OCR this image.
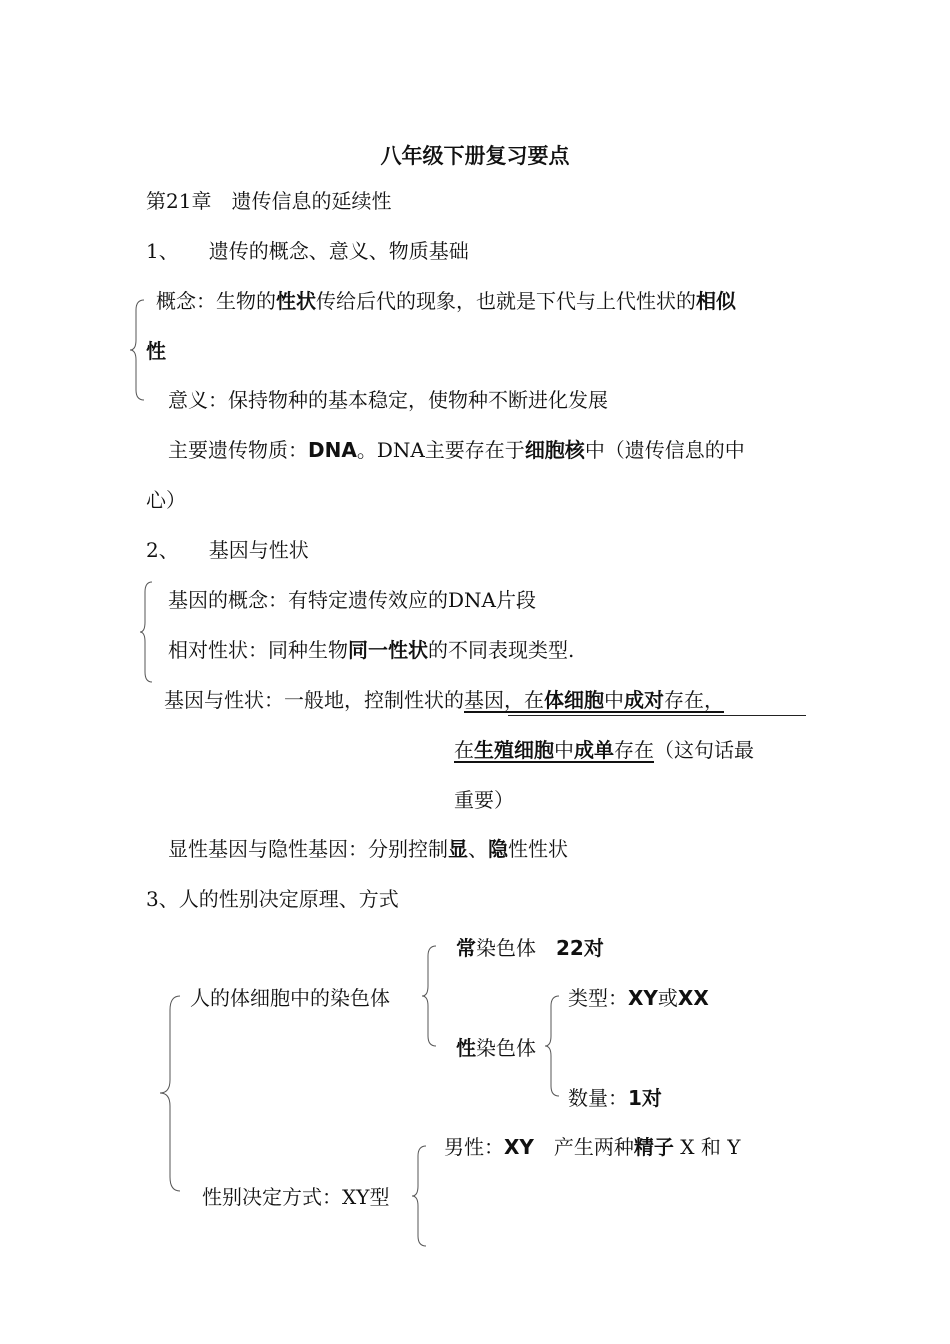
八年级下册复习要点
第21章　遗传信息的延续性
1、　　遗传的概念、意义、物质基础
概念：生物的性状传给后代的现象，也就是下代与上代性状的相似
性
意义：保持物种的基本稳定，使物种不断进化发展
主要遗传物质：DNA。DNA主要存在于细胞核中（遗传信息的中
心）
2、　　基因与性状
基因的概念：有特定遗传效应的DNA片段
相对性状：同种生物同一性状的不同表现类型.
基因与性状：一般地，控制性状的基因，在体细胞中成对存在，
在生殖细胞中成单存在（这句话最
重要）
显性基因与隐性基因：分别控制显、隐性性状
3、人的性别决定原理、方式
常染色体　22对
人的体细胞中的染色体	类型：XY或XX
性染色体
数量：1对
男性：XY　产生两种精子 X 和 Y
性别决定方式：XY型
